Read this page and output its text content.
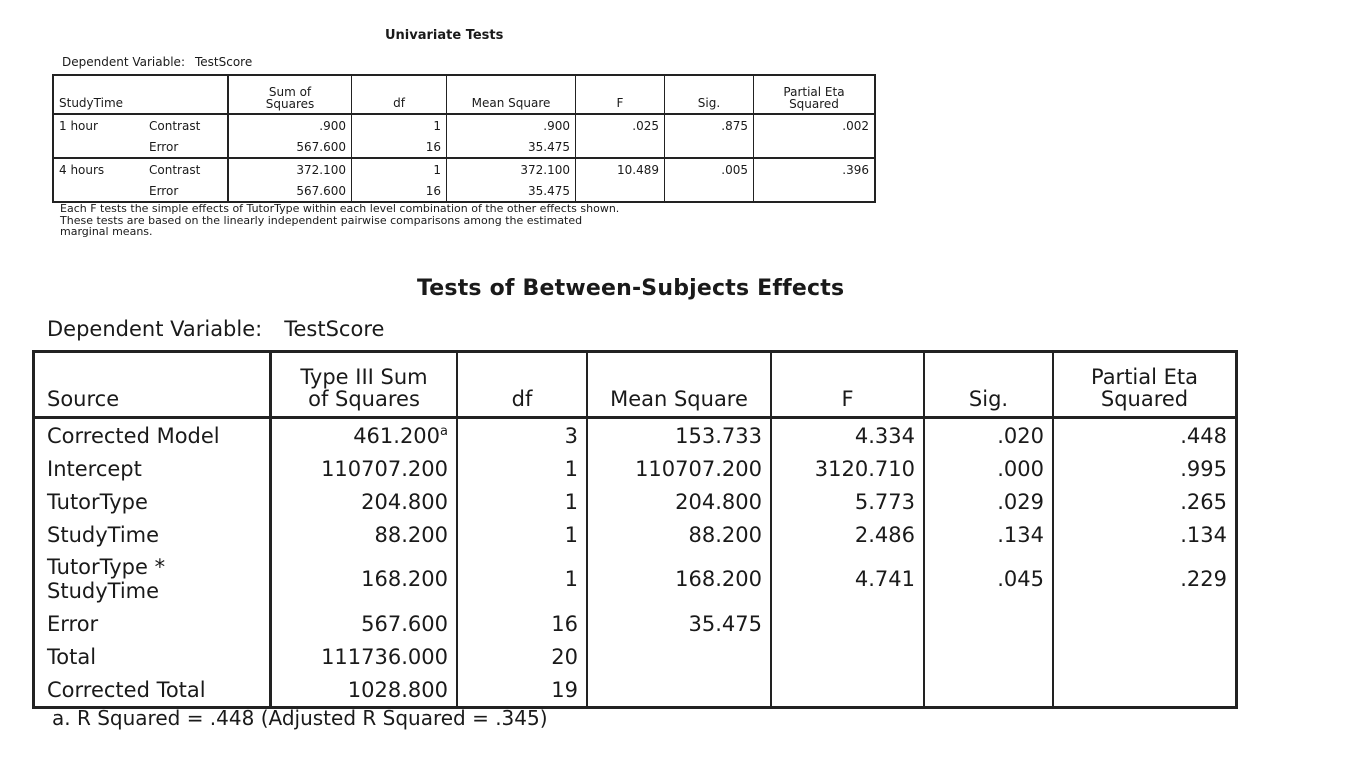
Univariate Tests
Dependent Variable: TestScore
StudyTime		Sum of
Squares	df	Mean Square	F	Sig.	Partial Eta
Squared
1 hour	Contrast	.900	1	.900	.025	.875	.002
	Error	567.600	16	35.475			
4 hours	Contrast	372.100	1	372.100	10.489	.005	.396
	Error	567.600	16	35.475			
Each F tests the simple effects of TutorType within each level combination of the other effects shown.
These tests are based on the linearly independent pairwise comparisons among the estimated
marginal means.
Tests of Between-Subjects Effects
Dependent Variable: TestScore
Source	Type III Sum
of Squares	df	Mean Square	F	Sig.	Partial Eta
Squared
Corrected Model	461.200$^a$	3	153.733	4.334	.020	.448
Intercept	110707.200	1	110707.200	3120.710	.000	.995
TutorType	204.800	1	204.800	5.773	.029	.265
StudyTime	88.200	1	88.200	2.486	.134	.134
TutorType *
StudyTime	168.200	1	168.200	4.741	.045	.229
Error	567.600	16	35.475			
Total	111736.000	20				
Corrected Total	1028.800	19				
a. R Squared = .448 (Adjusted R Squared = .345)
